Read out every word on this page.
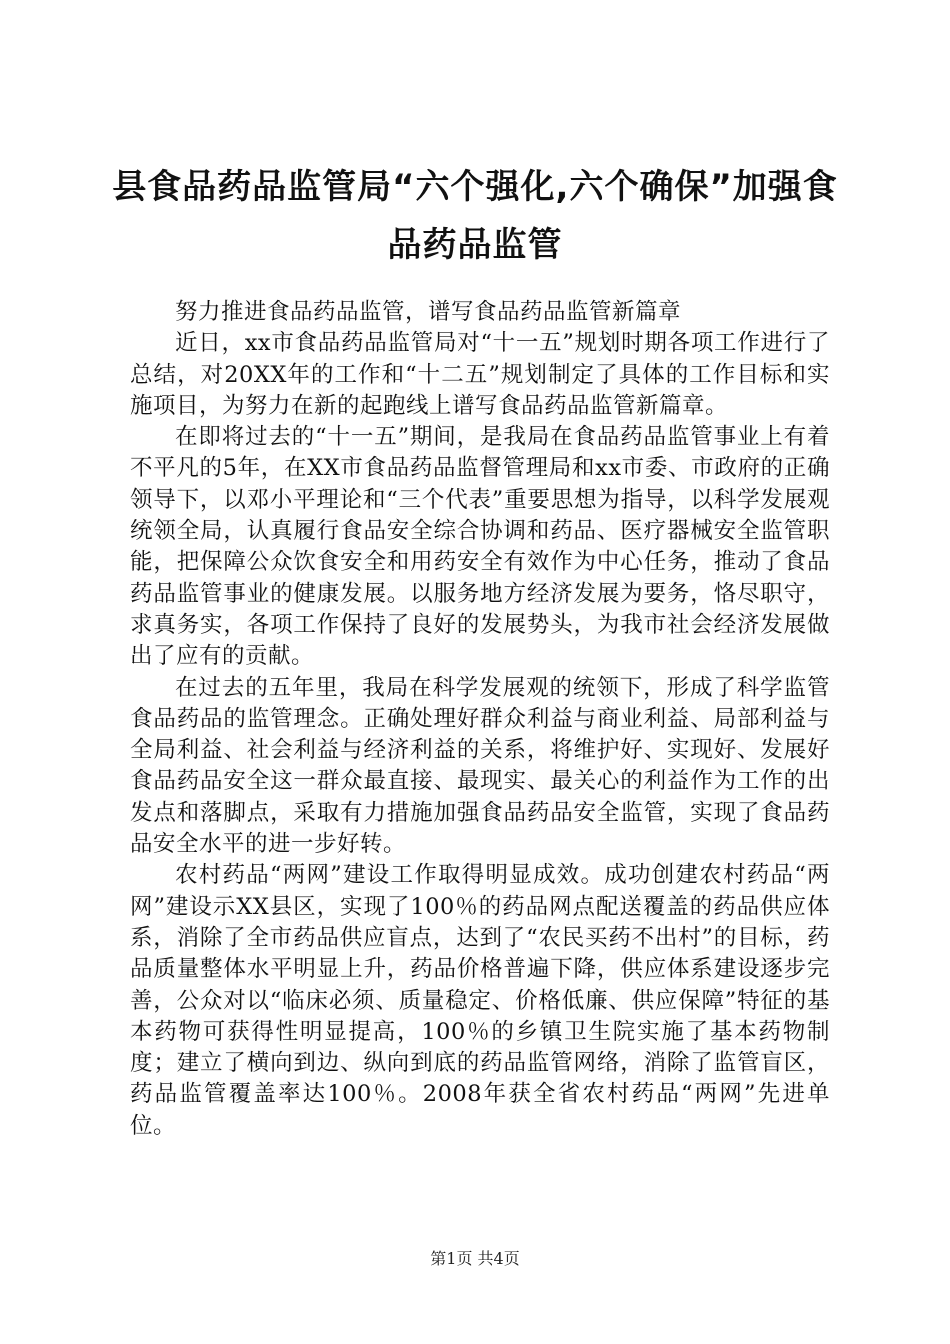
县食品药品监管局“六个强化,六个确保”加强食品药品监管

努力推进食品药品监管，谱写食品药品监管新篇章

近日，xx市食品药品监管局对“十一五”规划时期各项工作进行了总结，对20XX年的工作和“十二五”规划制定了具体的工作目标和实施项目，为努力在新的起跑线上谱写食品药品监管新篇章。

在即将过去的“十一五”期间，是我局在食品药品监管事业上有着不平凡的5年，在XX市食品药品监督管理局和xx市委、市政府的正确领导下，以邓小平理论和“三个代表”重要思想为指导，以科学发展观统领全局，认真履行食品安全综合协调和药品、医疗器械安全监管职能，把保障公众饮食安全和用药安全有效作为中心任务，推动了食品药品监管事业的健康发展。以服务地方经济发展为要务，恪尽职守，求真务实，各项工作保持了良好的发展势头，为我市社会经济发展做出了应有的贡献。

在过去的五年里，我局在科学发展观的统领下，形成了科学监管食品药品的监管理念。正确处理好群众利益与商业利益、局部利益与全局利益、社会利益与经济利益的关系，将维护好、实现好、发展好食品药品安全这一群众最直接、最现实、最关心的利益作为工作的出发点和落脚点，采取有力措施加强食品药品安全监管，实现了食品药品安全水平的进一步好转。

农村药品“两网”建设工作取得明显成效。成功创建农村药品“两网”建设示XX县区，实现了100％的药品网点配送覆盖的药品供应体系，消除了全市药品供应盲点，达到了“农民买药不出村”的目标，药品质量整体水平明显上升，药品价格普遍下降，供应体系建设逐步完善，公众对以“临床必须、质量稳定、价格低廉、供应保障”特征的基本药物可获得性明显提高，100％的乡镇卫生院实施了基本药物制度；建立了横向到边、纵向到底的药品监管网络，消除了监管盲区，药品监管覆盖率达100％。2008年获全省农村药品“两网”先进单位。

第1页 共4页
